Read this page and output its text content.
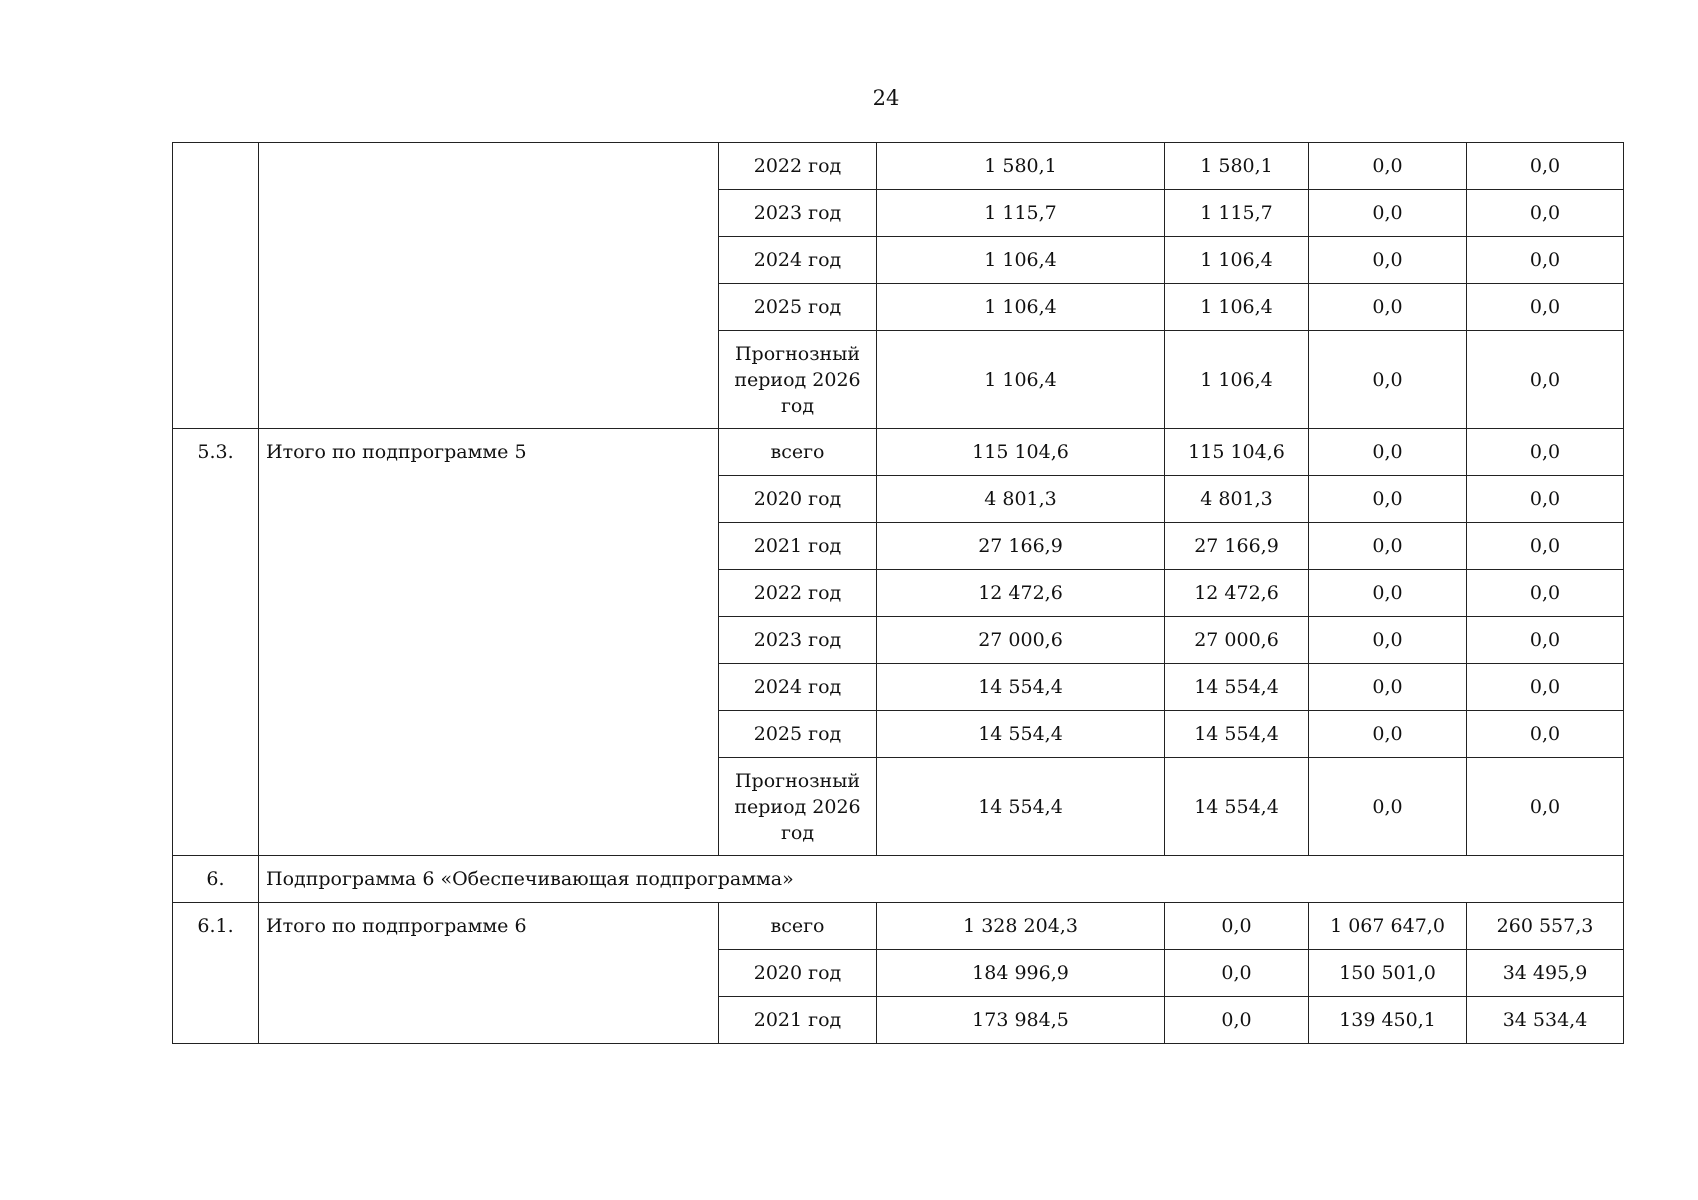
24
		2022 год	1 580,1	1 580,1	0,0	0,0
		2023 год	1 115,7	1 115,7	0,0	0,0
		2024 год	1 106,4	1 106,4	0,0	0,0
		2025 год	1 106,4	1 106,4	0,0	0,0
		Прогнозный период 2026 год	1 106,4	1 106,4	0,0	0,0
5.3.	Итого по подпрограмме 5	всего	115 104,6	115 104,6	0,0	0,0
		2020 год	4 801,3	4 801,3	0,0	0,0
		2021 год	27 166,9	27 166,9	0,0	0,0
		2022 год	12 472,6	12 472,6	0,0	0,0
		2023 год	27 000,6	27 000,6	0,0	0,0
		2024 год	14 554,4	14 554,4	0,0	0,0
		2025 год	14 554,4	14 554,4	0,0	0,0
		Прогнозный период 2026 год	14 554,4	14 554,4	0,0	0,0
6.	Подпрограмма 6 «Обеспечивающая подпрограмма»					
6.1.	Итого по подпрограмме 6	всего	1 328 204,3	0,0	1 067 647,0	260 557,3
		2020 год	184 996,9	0,0	150 501,0	34 495,9
		2021 год	173 984,5	0,0	139 450,1	34 534,4
